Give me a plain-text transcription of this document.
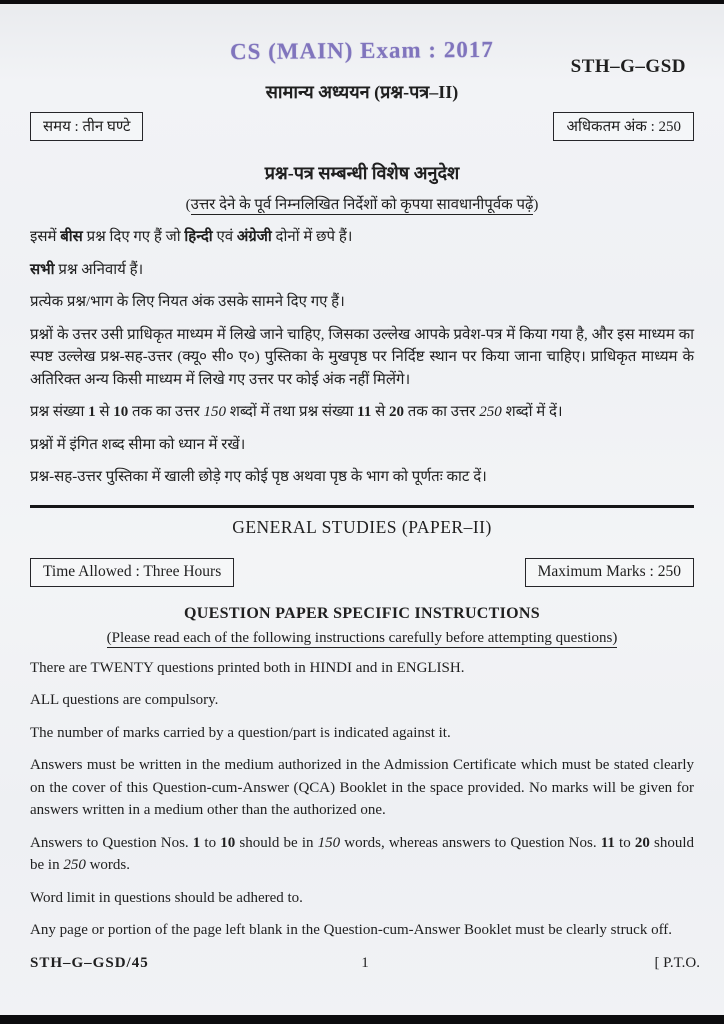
CS (MAIN) Exam : 2017
STH–G–GSD
सामान्य अध्ययन (प्रश्न-पत्र–II)
समय : तीन घण्टे	अधिकतम अंक : 250
प्रश्न-पत्र सम्बन्धी विशेष अनुदेश
(उत्तर देने के पूर्व निम्नलिखित निर्देशों को कृपया सावधानीपूर्वक पढ़ें)

इसमें बीस प्रश्न दिए गए हैं जो हिन्दी एवं अंग्रेजी दोनों में छपे हैं।

सभी प्रश्न अनिवार्य हैं।

प्रत्येक प्रश्न/भाग के लिए नियत अंक उसके सामने दिए गए हैं।

प्रश्नों के उत्तर उसी प्राधिकृत माध्यम में लिखे जाने चाहिए, जिसका उल्लेख आपके प्रवेश-पत्र में किया गया है, और इस माध्यम का स्पष्ट उल्लेख प्रश्न-सह-उत्तर (क्यू० सी० ए०) पुस्तिका के मुखपृष्ठ पर निर्दिष्ट स्थान पर किया जाना चाहिए। प्राधिकृत माध्यम के अतिरिक्त अन्य किसी माध्यम में लिखे गए उत्तर पर कोई अंक नहीं मिलेंगे।

प्रश्न संख्या 1 से 10 तक का उत्तर 150 शब्दों में तथा प्रश्न संख्या 11 से 20 तक का उत्तर 250 शब्दों में दें।

प्रश्नों में इंगित शब्द सीमा को ध्यान में रखें।

प्रश्न-सह-उत्तर पुस्तिका में खाली छोड़े गए कोई पृष्ठ अथवा पृष्ठ के भाग को पूर्णतः काट दें।

GENERAL STUDIES (PAPER–II)
Time Allowed : Three Hours	Maximum Marks : 250
QUESTION PAPER SPECIFIC INSTRUCTIONS
(Please read each of the following instructions carefully before attempting questions)

There are TWENTY questions printed both in HINDI and in ENGLISH.

ALL questions are compulsory.

The number of marks carried by a question/part is indicated against it.

Answers must be written in the medium authorized in the Admission Certificate which must be stated clearly on the cover of this Question-cum-Answer (QCA) Booklet in the space provided. No marks will be given for answers written in a medium other than the authorized one.

Answers to Question Nos. 1 to 10 should be in 150 words, whereas answers to Question Nos. 11 to 20 should be in 250 words.

Word limit in questions should be adhered to.

Any page or portion of the page left blank in the Question-cum-Answer Booklet must be clearly struck off.

STH–G–GSD/45	1	[ P.T.O.
